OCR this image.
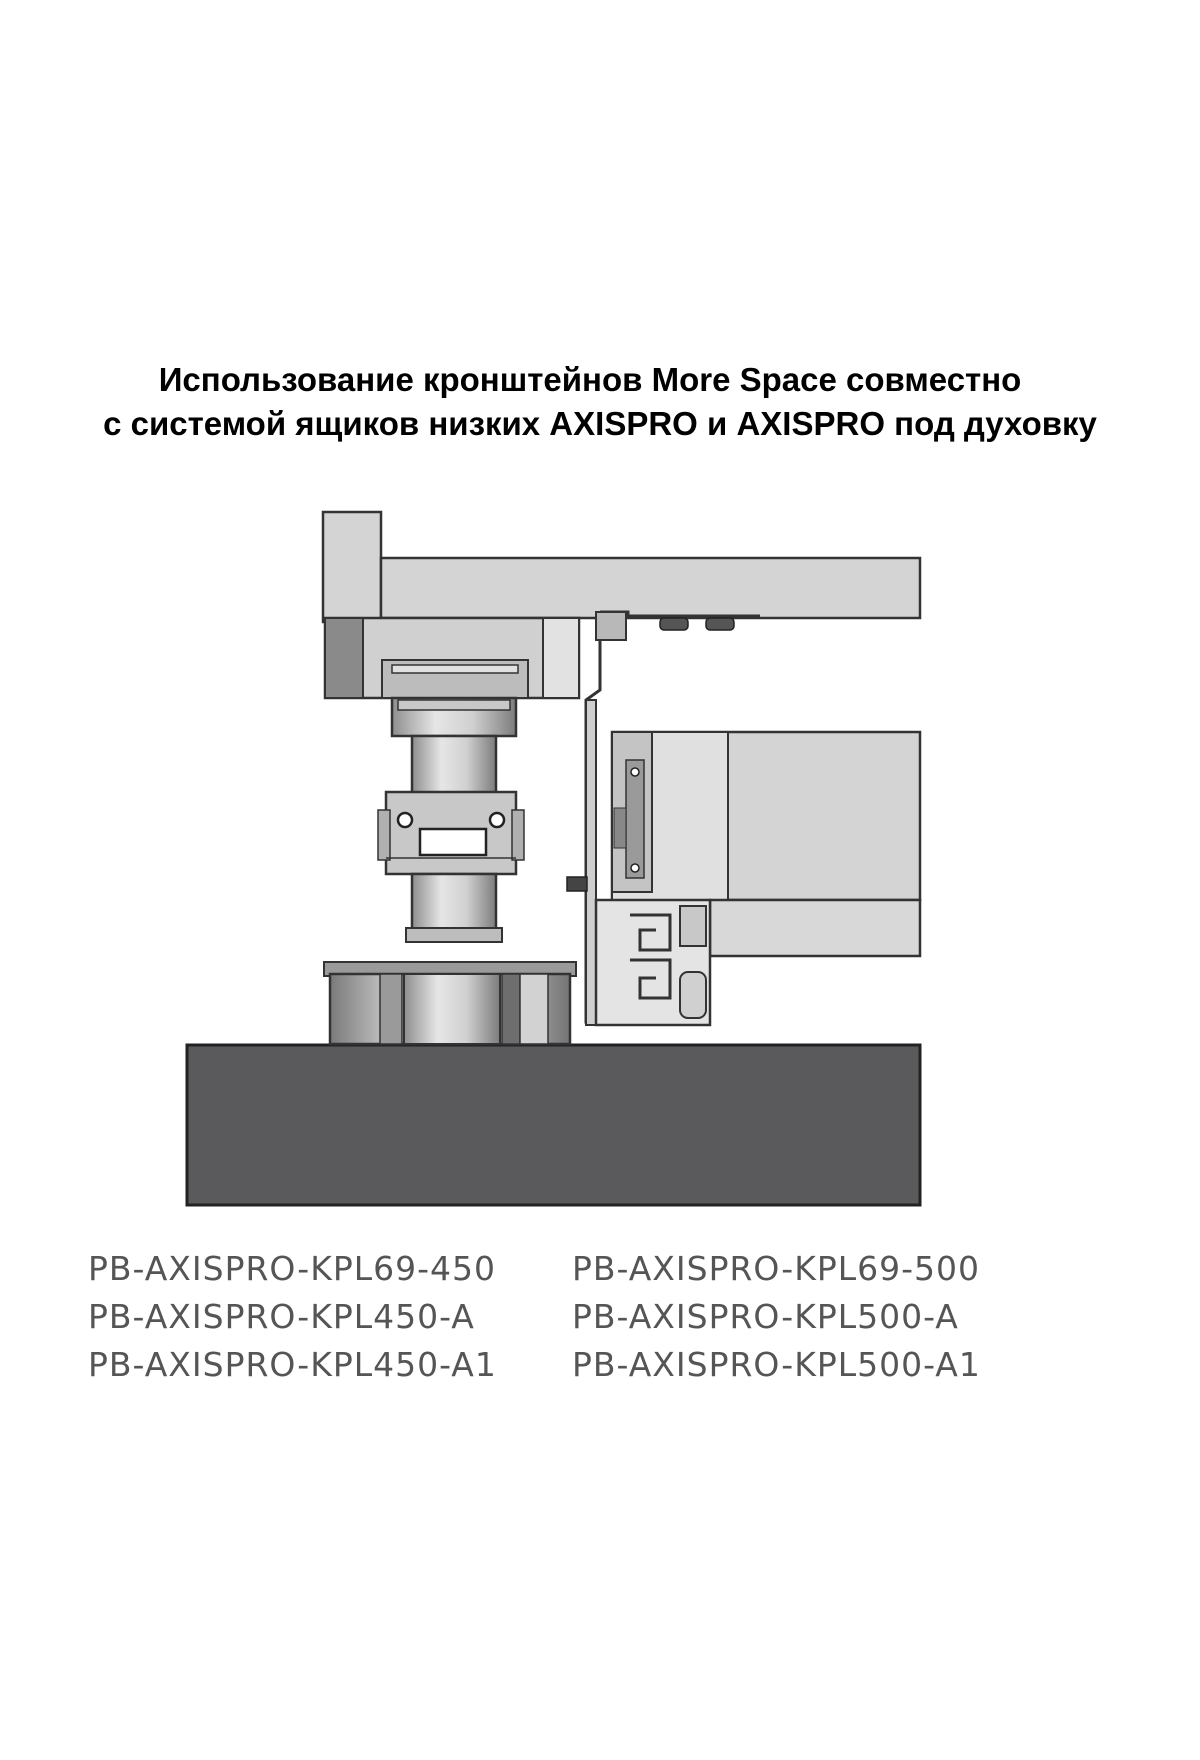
Использование кронштейнов More Space совместно
с системой ящиков низких AXISPRO и AXISPRO под духовку
PB-AXISPRO-KPL69-450
PB-AXISPRO-KPL450-A
PB-AXISPRO-KPL450-A1
PB-AXISPRO-KPL69-500
PB-AXISPRO-KPL500-A
PB-AXISPRO-KPL500-A1
